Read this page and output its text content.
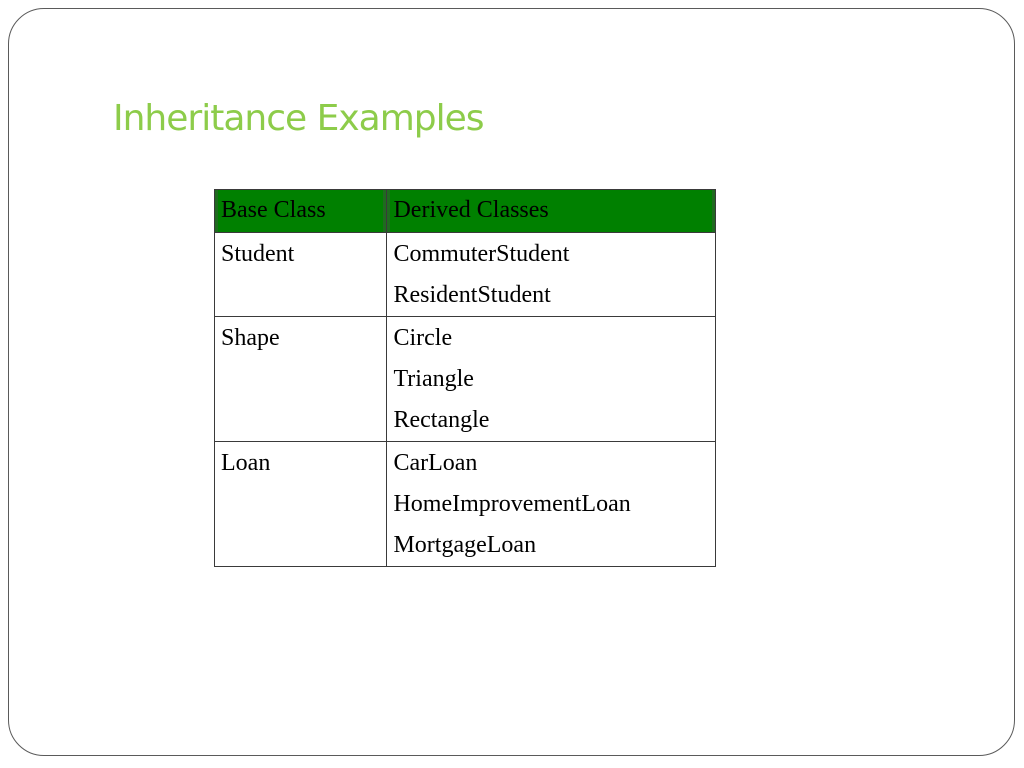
Inheritance Examples
Base Class	Derived Classes
Student	CommuterStudent
ResidentStudent

Shape	Circle
Triangle
Rectangle

Loan	CarLoan
HomeImprovementLoan
MortgageLoan
